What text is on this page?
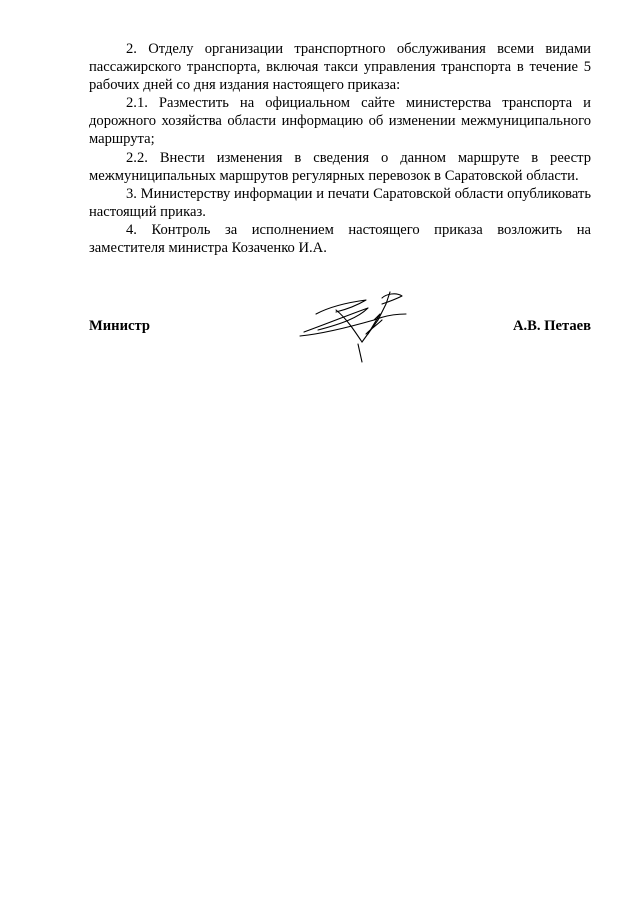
2. Отделу организации транспортного обслуживания всеми видами пассажирского транспорта, включая такси управления транспорта в течение 5 рабочих дней со дня издания настоящего приказа:

2.1. Разместить на официальном сайте министерства транспорта и дорожного хозяйства области информацию об изменении межмуниципального маршрута;

2.2. Внести изменения в сведения о данном маршруте в реестр межмуниципальных маршрутов регулярных перевозок в Саратовской области.

3. Министерству информации и печати Саратовской области опубликовать настоящий приказ.

4. Контроль за исполнением настоящего приказа возложить на заместителя министра Козаченко И.А.

Министр	А.В. Петаев
